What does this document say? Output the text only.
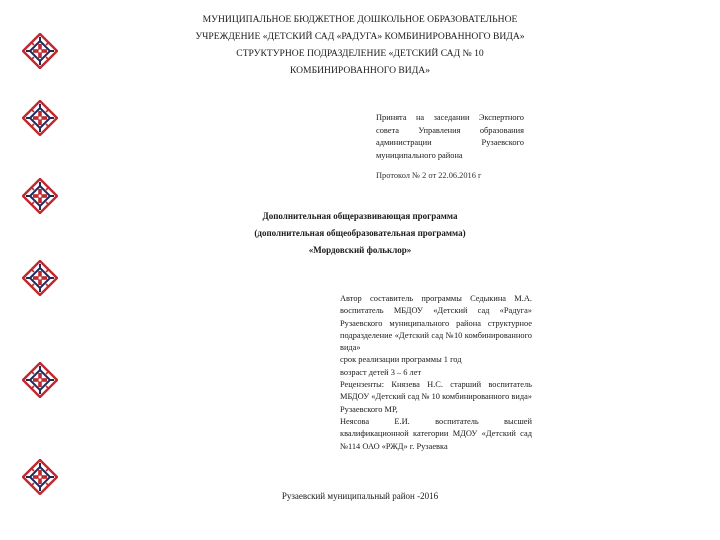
МУНИЦИПАЛЬНОЕ БЮДЖЕТНОЕ ДОШКОЛЬНОЕ ОБРАЗОВАТЕЛЬНОЕ
УЧРЕЖДЕНИЕ «ДЕТСКИЙ САД «РАДУГА» КОМБИНИРОВАННОГО ВИДА»
СТРУКТУРНОЕ ПОДРАЗДЕЛЕНИЕ «ДЕТСКИЙ САД № 10
КОМБИНИРОВАННОГО ВИДА»
Принята на заседании Экспертного совета Управления образования администрации Рузаевского муниципального района
Протокол № 2 от 22.06.2016 г
Дополнительная общеразвивающая программа
(дополнительная общеобразовательная программа)
«Мордовский фольклор»
Автор составитель программы Седыкина М.А. воспитатель МБДОУ «Детский сад «Радуга» Рузаевского муниципального района структурное подразделение «Детский сад №10 комбинированного вида»
срок реализации программы 1 год
возраст детей 3 – 6 лет
Рецензенты: Князева Н.С. старший воспитатель МБДОУ «Детский сад № 10 комбинированного вида» Рузаевского МР,
Нeясова Е.И. воспитатель высшей квалификационной категории МДОУ «Детский сад №114 ОАО «РЖД» г. Рузаевка
Рузаевский муниципальный район -2016
